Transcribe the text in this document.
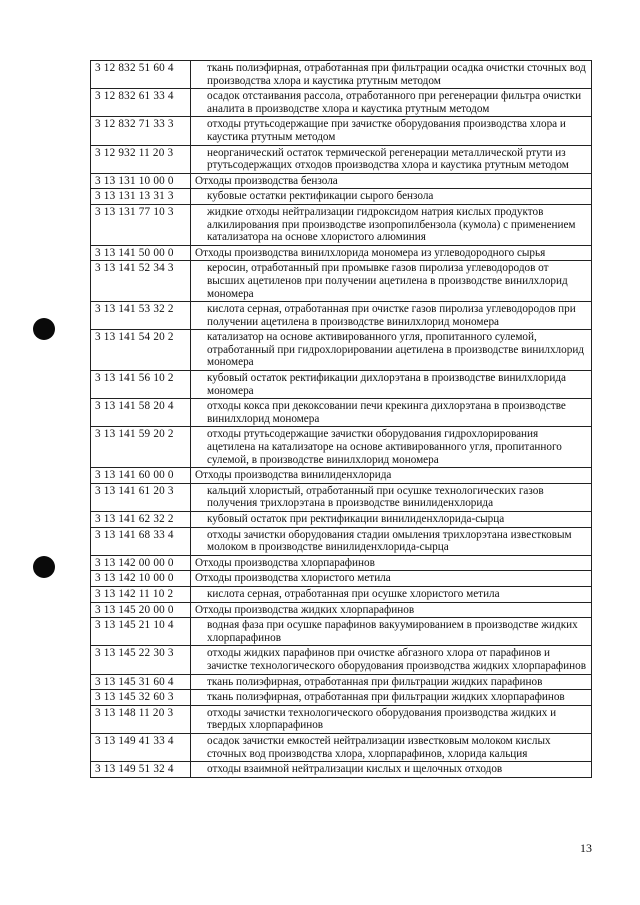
3 12 832 51 60 4	ткань полиэфирная, отработанная при фильтрации осадка очистки сточных вод производства хлора и каустика ртутным методом
3 12 832 61 33 4	осадок отстаивания рассола, отработанного при регенерации фильтра очистки аналита в производстве хлора и каустика ртутным методом
3 12 832 71 33 3	отходы ртутьсодержащие при зачистке оборудования производства хлора и каустика ртутным методом
3 12 932 11 20 3	неорганический остаток термической регенерации металлической ртути из ртутьсодержащих отходов производства хлора и каустика ртутным методом
3 13 131 10 00 0	Отходы производства бензола
3 13 131 13 31 3	кубовые остатки ректификации сырого бензола
3 13 131 77 10 3	жидкие отходы нейтрализации гидроксидом натрия кислых продуктов алкилирования при производстве изопропилбензола (кумола) с применением катализатора на основе хлористого алюминия
3 13 141 50 00 0	Отходы производства винилхлорида мономера из углеводородного сырья
3 13 141 52 34 3	керосин, отработанный при промывке газов пиролиза углеводородов от высших ацетиленов при получении ацетилена в производстве винилхлорид мономера
3 13 141 53 32 2	кислота серная, отработанная при очистке газов пиролиза углеводородов при получении ацетилена в производстве винилхлорид мономера
3 13 141 54 20 2	катализатор на основе активированного угля, пропитанного сулемой, отработанный при гидрохлорировании ацетилена в производстве винилхлорид мономера
3 13 141 56 10 2	кубовый остаток ректификации дихлорэтана в производстве винилхлорида мономера
3 13 141 58 20 4	отходы кокса при декоксовании печи крекинга дихлорэтана в производстве винилхлорид мономера
3 13 141 59 20 2	отходы ртутьсодержащие зачистки оборудования гидрохлорирования ацетилена на катализаторе на основе активированного угля, пропитанного сулемой, в производстве винилхлорид мономера
3 13 141 60 00 0	Отходы производства винилиденхлорида
3 13 141 61 20 3	кальций хлористый, отработанный при осушке технологических газов получения трихлорэтана в производстве винилиденхлорида
3 13 141 62 32 2	кубовый остаток при ректификации винилиденхлорида-сырца
3 13 141 68 33 4	отходы зачистки оборудования стадии омыления трихлорэтана известковым молоком в производстве винилиденхлорида-сырца
3 13 142 00 00 0	Отходы производства хлорпарафинов
3 13 142 10 00 0	Отходы производства хлористого метила
3 13 142 11 10 2	кислота серная, отработанная при осушке хлористого метила
3 13 145 20 00 0	Отходы производства жидких хлорпарафинов
3 13 145 21 10 4	водная фаза при осушке парафинов вакуумированием в производстве жидких хлорпарафинов
3 13 145 22 30 3	отходы жидких парафинов при очистке абгазного хлора от парафинов и зачистке технологического оборудования производства жидких хлорпарафинов
3 13 145 31 60 4	ткань полиэфирная, отработанная при фильтрации жидких парафинов
3 13 145 32 60 3	ткань полиэфирная, отработанная при фильтрации жидких хлорпарафинов
3 13 148 11 20 3	отходы зачистки технологического оборудования производства жидких и твердых хлорпарафинов
3 13 149 41 33 4	осадок зачистки емкостей нейтрализации известковым молоком кислых сточных вод производства хлора, хлорпарафинов, хлорида кальция
3 13 149 51 32 4	отходы взаимной нейтрализации кислых и щелочных отходов
13
